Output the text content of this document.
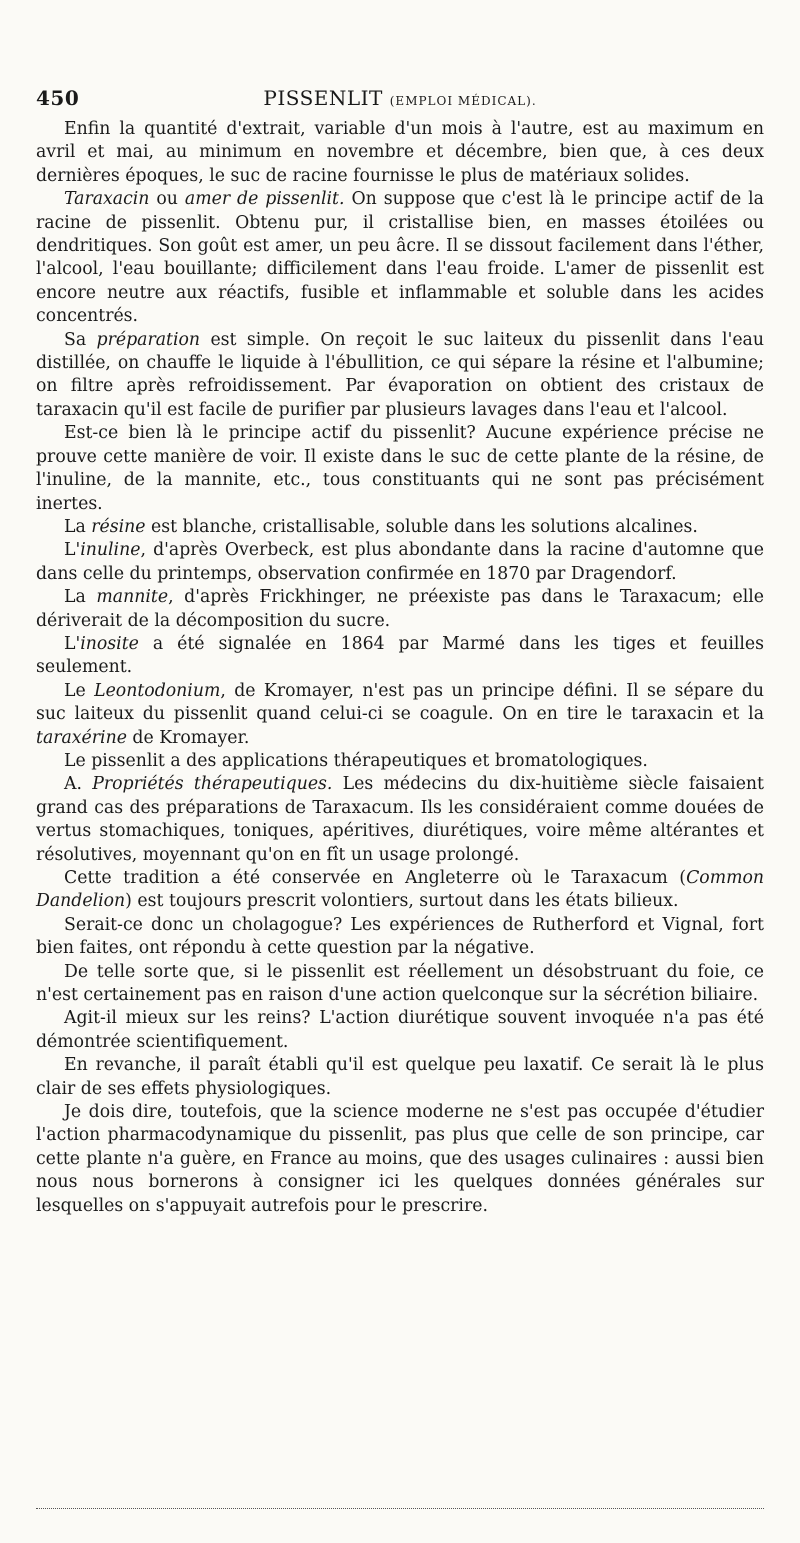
450	PISSENLIT (EMPLOI MÉDICAL).

Enfin la quantité d'extrait, variable d'un mois à l'autre, est au maximum en avril et mai, au minimum en novembre et décembre, bien que, à ces deux dernières époques, le suc de racine fournisse le plus de matériaux solides.

Taraxacin ou amer de pissenlit. On suppose que c'est là le principe actif de la racine de pissenlit. Obtenu pur, il cristallise bien, en masses étoilées ou dendritiques. Son goût est amer, un peu âcre. Il se dissout facilement dans l'éther, l'alcool, l'eau bouillante; difficilement dans l'eau froide. L'amer de pissenlit est encore neutre aux réactifs, fusible et inflammable et soluble dans les acides concentrés.

Sa préparation est simple. On reçoit le suc laiteux du pissenlit dans l'eau distillée, on chauffe le liquide à l'ébullition, ce qui sépare la résine et l'albumine; on filtre après refroidissement. Par évaporation on obtient des cristaux de taraxacin qu'il est facile de purifier par plusieurs lavages dans l'eau et l'alcool.

Est-ce bien là le principe actif du pissenlit? Aucune expérience précise ne prouve cette manière de voir. Il existe dans le suc de cette plante de la résine, de l'inuline, de la mannite, etc., tous constituants qui ne sont pas précisément inertes.

La résine est blanche, cristallisable, soluble dans les solutions alcalines.

L'inuline, d'après Overbeck, est plus abondante dans la racine d'automne que dans celle du printemps, observation confirmée en 1870 par Dragendorf.

La mannite, d'après Frickhinger, ne préexiste pas dans le Taraxacum; elle dériverait de la décomposition du sucre.

L'inosite a été signalée en 1864 par Marmé dans les tiges et feuilles seulement.

Le Leontodonium, de Kromayer, n'est pas un principe défini. Il se sépare du suc laiteux du pissenlit quand celui-ci se coagule. On en tire le taraxacin et la taraxérine de Kromayer.

Le pissenlit a des applications thérapeutiques et bromatologiques.

A. Propriétés thérapeutiques. Les médecins du dix-huitième siècle faisaient grand cas des préparations de Taraxacum. Ils les considéraient comme douées de vertus stomachiques, toniques, apéritives, diurétiques, voire même altérantes et résolutives, moyennant qu'on en fît un usage prolongé.

Cette tradition a été conservée en Angleterre où le Taraxacum (Common Dandelion) est toujours prescrit volontiers, surtout dans les états bilieux.

Serait-ce donc un cholagogue? Les expériences de Rutherford et Vignal, fort bien faites, ont répondu à cette question par la négative.

De telle sorte que, si le pissenlit est réellement un désobstruant du foie, ce n'est certainement pas en raison d'une action quelconque sur la sécrétion biliaire.

Agit-il mieux sur les reins? L'action diurétique souvent invoquée n'a pas été démontrée scientifiquement.

En revanche, il paraît établi qu'il est quelque peu laxatif. Ce serait là le plus clair de ses effets physiologiques.

Je dois dire, toutefois, que la science moderne ne s'est pas occupée d'étudier l'action pharmacodynamique du pissenlit, pas plus que celle de son principe, car cette plante n'a guère, en France au moins, que des usages culinaires : aussi bien nous nous bornerons à consigner ici les quelques données générales sur lesquelles on s'appuyait autrefois pour le prescrire.
